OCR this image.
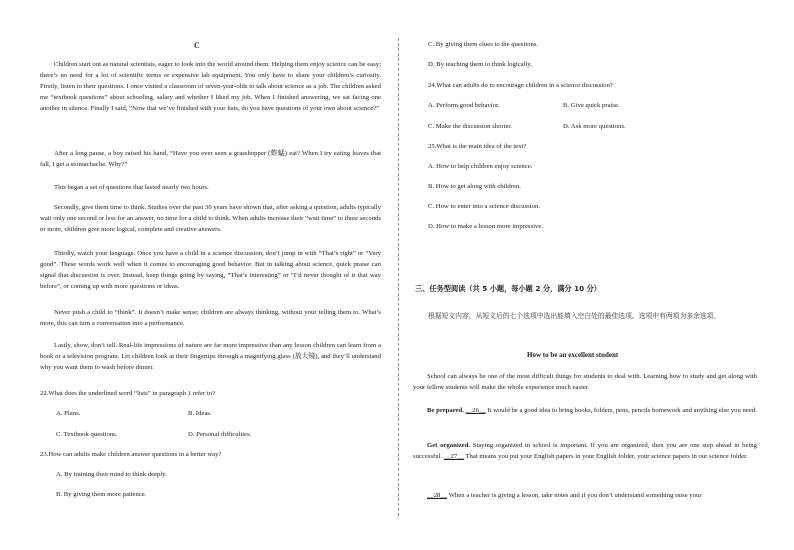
C

Children start out as natural scientists, eager to look into the world around them. Helping them enjoy science can be easy; there’s no need for a lot of scientific terms or expensive lab equipment. You only have to share your children’s curiosity. Firstly, listen to their questions. I once visited a classroom of seven-year-olds to talk about science as a job. The children asked me “textbook questions” about schooling, salary and whether I liked my job. When I finished answering, we sat facing one another in silence. Finally I said, “Now that we’ve finished with your lists, do you have questions of your own about science?”

After a long pause, a boy raised his hand, “Have you ever seen a grasshopper (蚱蜢) eat? When I try eating leaves that fall, I get a stomachache. Why?”

This began a set of questions that lasted nearly two hours.

Secondly, give them time to think. Studies over the past 30 years have shown that, after asking a question, adults typically wait only one second or less for an answer, no time for a child to think. When adults increase their “wait time” to three seconds or more, children give more logical, complete and creative answers.

Thirdly, watch your language. Once you have a child in a science discussion, don’t jump in with “That’s right” or “Very good”. These words work well when it comes to encouraging good behavior. But in talking about science, quick praise can signal that discussion is over. Instead, keep things going by saying, “That’s interesting” or “I’d never thought of it that way before”, or coming up with more questions or ideas.

Never push a child to “think”. It doesn’t make sense; children are always thinking, without your telling them to. What’s more, this can turn a conversation into a performance.

Lastly, show, don’t tell. Real-life impressions of nature are far more impressive than any lesson children can learn from a book or a television program. Let children look at their fingertips through a magnifying glass (放大镜), and they’ll understand why you want them to wash before dinner.

22.What does the underlined word “lists” in paragraph 1 refer to?

A. Plans.	B. Ideas.

C. Textbook questions.	D. Personal difficulties.

23.How can adults make children answer questions in a better way?

A. By training their mind to think deeply.

B. By giving them more patience.

C. By giving them clues to the questions.

D. By teaching them to think logically.

24.What can adults do to encourage children in a science discussion?

A. Perform good behavior.	B. Give quick praise.

C. Make the discussion shorter.	D. Ask more questions.

25.What is the main idea of the text?

A. How to help children enjoy science.

B. How to get along with children.

C. How to enter into a science discussion.

D. How to make a lesson more impressive.

三、任务型阅读（共 5 小题，每小题 2 分，满分 10 分）

根据短文内容，从短文后的七个选项中选出能填入空白处的最佳选项。选项中有两项为多余选项。

How to be an excellent student

School can always be one of the most difficult things for students to deal with. Learning how to study and get along with your fellow students will make the whole experience much easier.

Be prepared. __26__ It would be a good idea to bring books, folders, pens, pencils homework and anything else you need.

Get organized. Staying organized in school is important. If you are organized, then you are one step ahead in being successful. __27__ That means you put your English papers in your English folder, your science papers in our science folder.

__28__ When a teacher is giving a lesson, take notes and if you don’t understand something raise your
